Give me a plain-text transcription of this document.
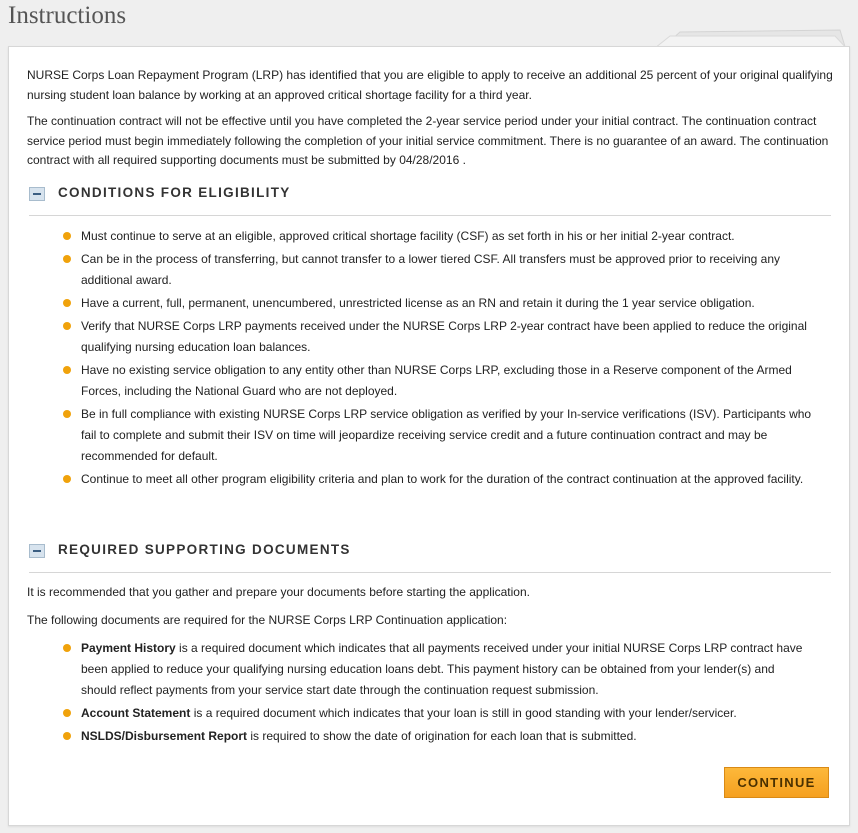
Instructions

NURSE Corps Loan Repayment Program (LRP) has identified that you are eligible to apply to receive an additional 25 percent of your original qualifying nursing student loan balance by working at an approved critical shortage facility for a third year.

The continuation contract will not be effective until you have completed the 2-year service period under your initial contract. The continuation contract service period must begin immediately following the completion of your initial service commitment. There is no guarantee of an award. The continuation contract with all required supporting documents must be submitted by 04/28/2016 .

CONDITIONS FOR ELIGIBILITY
Must continue to serve at an eligible, approved critical shortage facility (CSF) as set forth in his or her initial 2-year contract.
Can be in the process of transferring, but cannot transfer to a lower tiered CSF. All transfers must be approved prior to receiving any additional award.
Have a current, full, permanent, unencumbered, unrestricted license as an RN and retain it during the 1 year service obligation.
Verify that NURSE Corps LRP payments received under the NURSE Corps LRP 2-year contract have been applied to reduce the original qualifying nursing education loan balances.
Have no existing service obligation to any entity other than NURSE Corps LRP, excluding those in a Reserve component of the Armed Forces, including the National Guard who are not deployed.
Be in full compliance with existing NURSE Corps LRP service obligation as verified by your In-service verifications (ISV). Participants who fail to complete and submit their ISV on time will jeopardize receiving service credit and a future continuation contract and may be recommended for default.
Continue to meet all other program eligibility criteria and plan to work for the duration of the contract continuation at the approved facility.
REQUIRED SUPPORTING DOCUMENTS

It is recommended that you gather and prepare your documents before starting the application.

The following documents are required for the NURSE Corps LRP Continuation application:

Payment History is a required document which indicates that all payments received under your initial NURSE Corps LRP contract have been applied to reduce your qualifying nursing education loans debt. This payment history can be obtained from your lender(s) and should reflect payments from your service start date through the continuation request submission.
Account Statement is a required document which indicates that your loan is still in good standing with your lender/servicer.
NSLDS/Disbursement Report is required to show the date of origination for each loan that is submitted.
CONTINUE
